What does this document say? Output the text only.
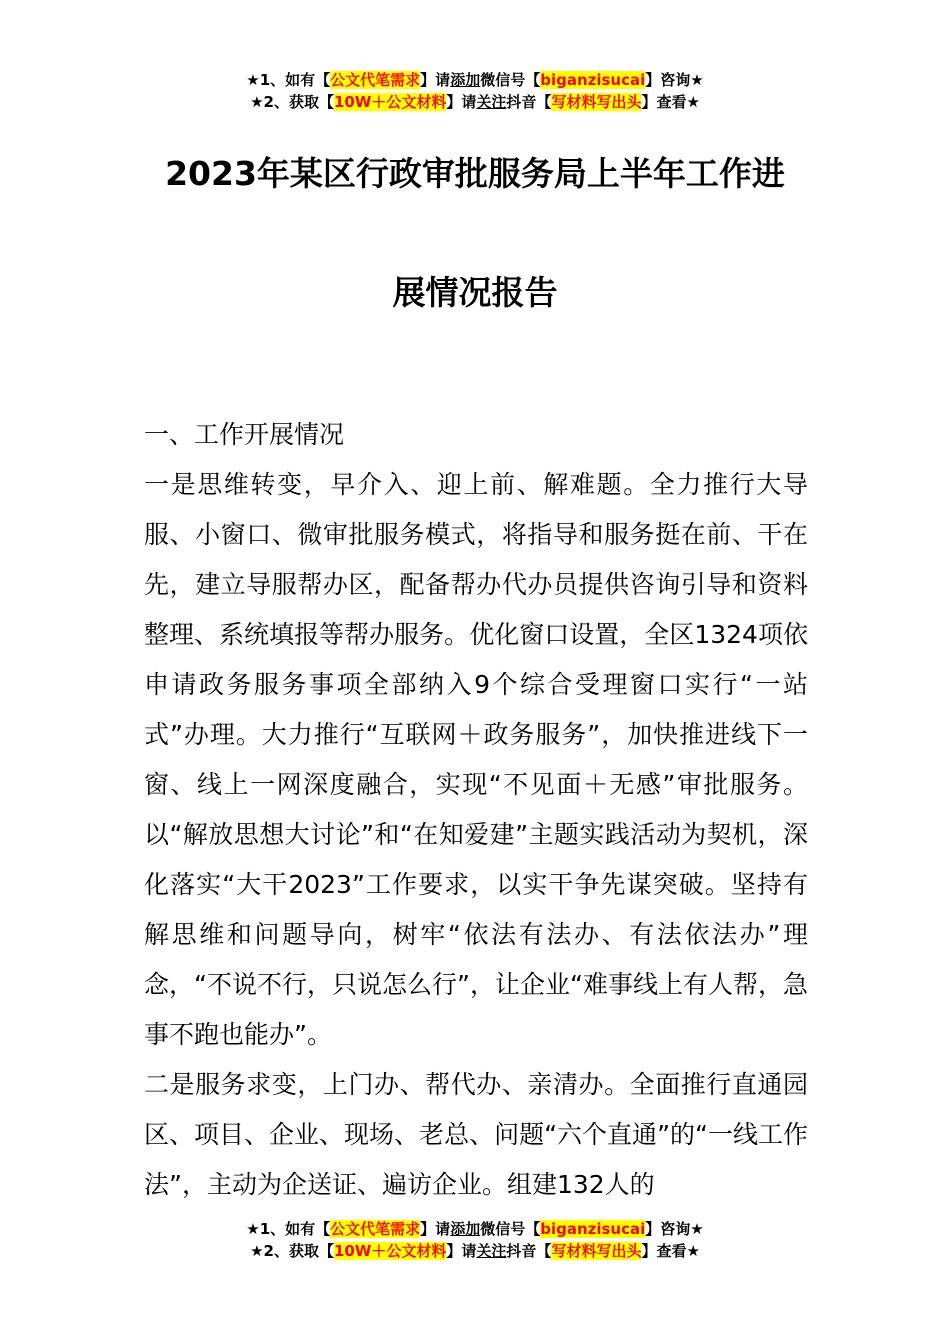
★1、如有【公文代笔需求】请添加微信号【biganzisucai】咨询★
★2、获取【10W＋公文材料】请关注抖音【写材料写出头】查看★
2023年某区行政审批服务局上半年工作进
展情况报告

一、工作开展情况

一是思维转变，早介入、迎上前、解难题。全力推行大导服、小窗口、微审批服务模式，将指导和服务挺在前、干在先，建立导服帮办区，配备帮办代办员提供咨询引导和资料整理、系统填报等帮办服务。优化窗口设置，全区1324项依申请政务服务事项全部纳入9个综合受理窗口实行“一站式”办理。大力推行“互联网＋政务服务”，加快推进线下一窗、线上一网深度融合，实现“不见面＋无感”审批服务。以“解放思想大讨论”和“在知爱建”主题实践活动为契机，深化落实“大干2023”工作要求，以实干争先谋突破。坚持有解思维和问题导向，树牢“依法有法办、有法依法办”理念，“不说不行，只说怎么行”，让企业“难事线上有人帮，急事不跑也能办”。

二是服务求变，上门办、帮代办、亲清办。全面推行直通园区、项目、企业、现场、老总、问题“六个直通”的“一线工作法”，主动为企送证、遍访企业。组建132人的

★1、如有【公文代笔需求】请添加微信号【biganzisucai】咨询★
★2、获取【10W＋公文材料】请关注抖音【写材料写出头】查看★
